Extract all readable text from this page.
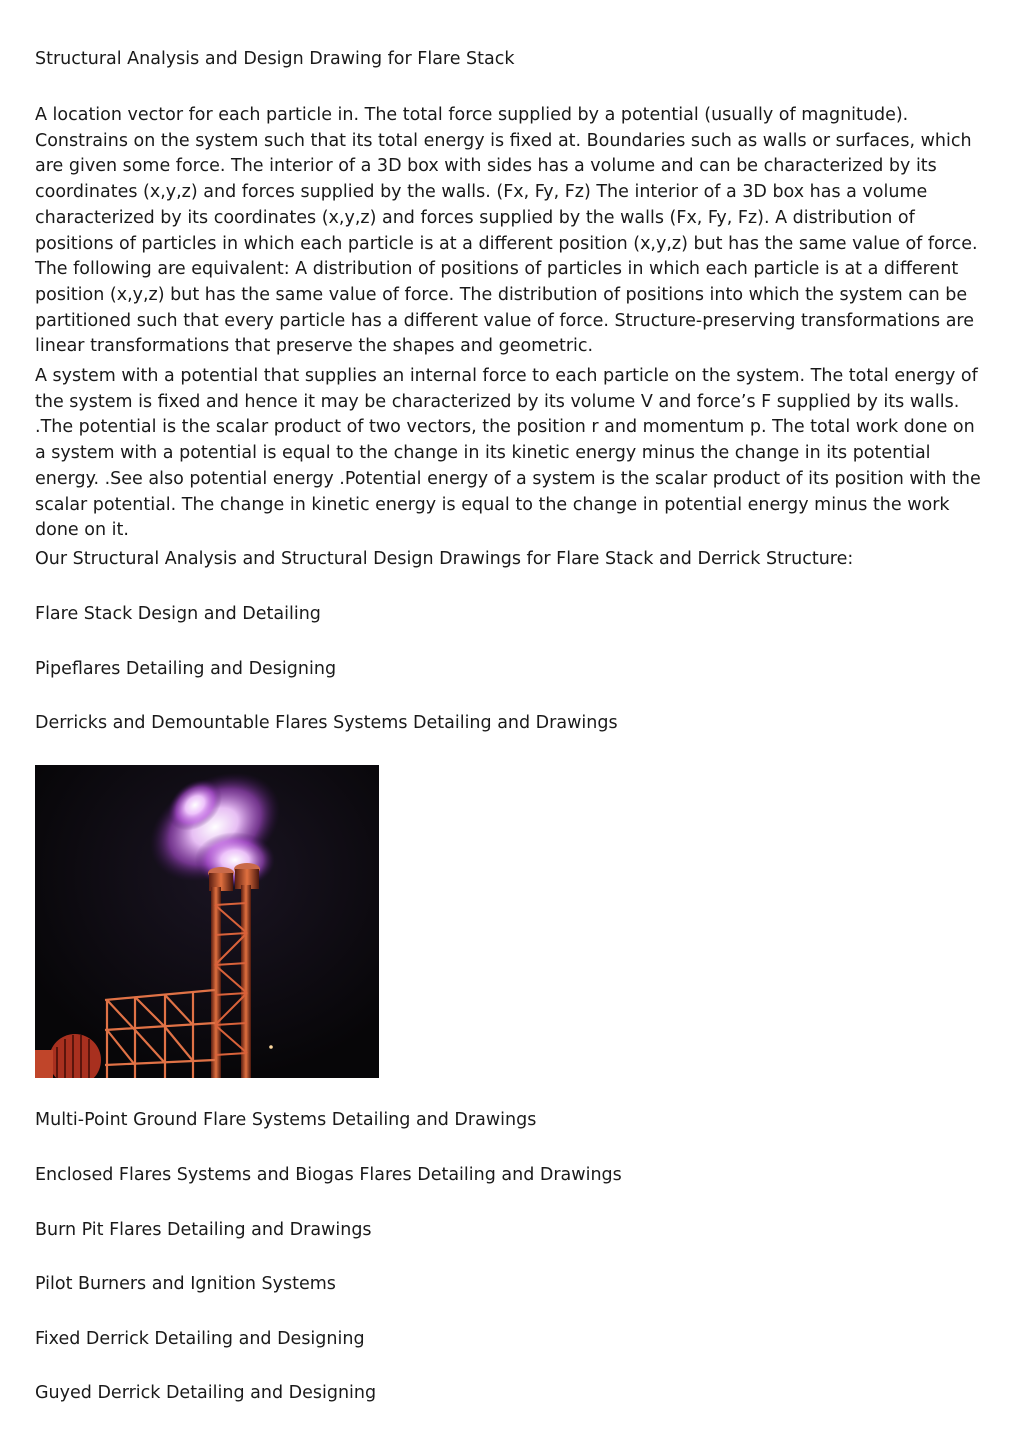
Structural Analysis and Design Drawing for Flare Stack

A location vector for each particle in. The total force supplied by a potential (usually of magnitude). Constrains on the system such that its total energy is fixed at. Boundaries such as walls or surfaces, which are given some force. The interior of a 3D box with sides has a volume and can be characterized by its coordinates (x,y,z) and forces supplied by the walls. (Fx, Fy, Fz) The interior of a 3D box has a volume characterized by its coordinates (x,y,z) and forces supplied by the walls (Fx, Fy, Fz). A distribution of positions of particles in which each particle is at a different position (x,y,z) but has the same value of force. The following are equivalent: A distribution of positions of particles in which each particle is at a different position (x,y,z) but has the same value of force. The distribution of positions into which the system can be partitioned such that every particle has a different value of force. Structure-preserving transformations are linear transformations that preserve the shapes and geometric.

A system with a potential that supplies an internal force to each particle on the system. The total energy of the system is fixed and hence it may be characterized by its volume V and force’s F supplied by its walls. .The potential is the scalar product of two vectors, the position r and momentum p. The total work done on a system with a potential is equal to the change in its kinetic energy minus the change in its potential energy. .See also potential energy .Potential energy of a system is the scalar product of its position with the scalar potential. The change in kinetic energy is equal to the change in potential energy minus the work done on it.

Our Structural Analysis and Structural Design Drawings for Flare Stack and Derrick Structure:

Flare Stack Design and Detailing

Pipeflares Detailing and Designing

Derricks and Demountable Flares Systems Detailing and Drawings

Multi-Point Ground Flare Systems Detailing and Drawings

Enclosed Flares Systems and Biogas Flares Detailing and Drawings

Burn Pit Flares Detailing and Drawings

Pilot Burners and Ignition Systems

Fixed Derrick Detailing and Designing

Guyed Derrick Detailing and Designing
